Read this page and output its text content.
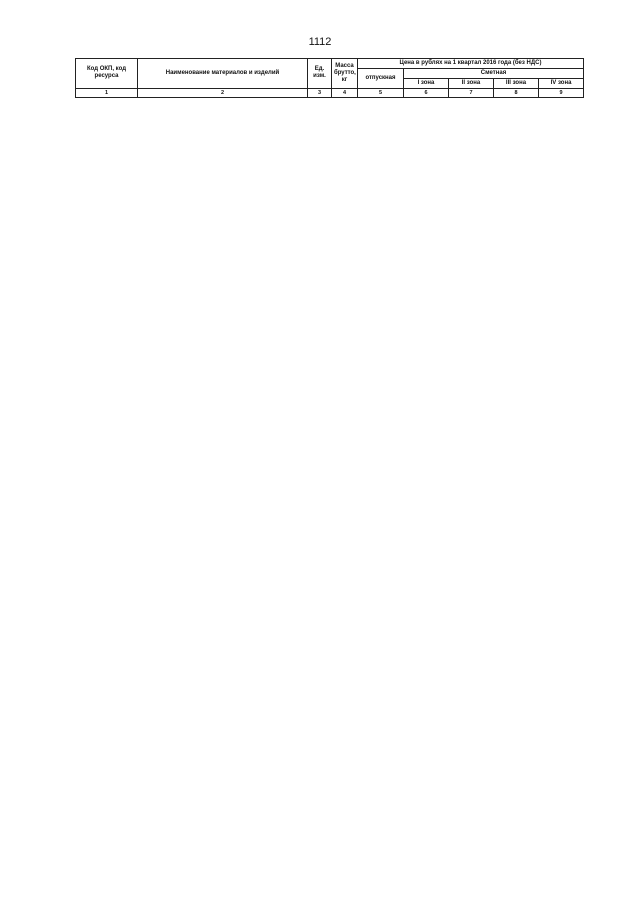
1112
Код ОКП, код ресурса	Наименование материалов и изделий	Ед. изм.	Масса брутто, кг	Цена в рублях на 1 квартал 2016 года (без НДС)				
				отпускная	Сметная			
					I зона	II зона	III зона	IV зона
1	2	3	4	5	6	7	8	9
